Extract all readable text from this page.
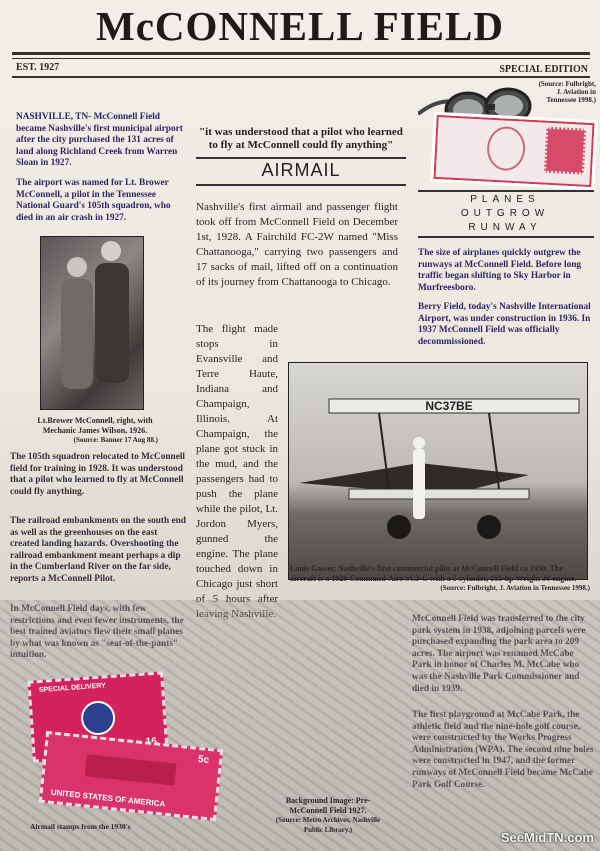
McCONNELL FIELD
EST. 1927	SPECIAL EDITION
(Source: Fulbright, J. Aviation in Tennessee 1998.)
NASHVILLE, TN- McConnell Field became Nashville's first municipal airport after the city purchased the 131 acres of land along Richland Creek from Warren Sloan in 1927.
The airport was named for Lt. Brower McConnell, a pilot in the Tennessee National Guard's 105th squadron, who died in an air crash in 1927.
Lt.Brower McConnell, right, with Mechanic James Wilson, 1926.
(Source: Banner 17 Aug 88.)
The 105th squadron relocated to McConnell field for training in 1928. It was understood that a pilot who learned to fly at McConnell could fly anything.
The railroad embankments on the south end as well as the greenhouses on the east created landing hazards. Overshooting the railroad embankment meant perhaps a dip in the Cumberland River on the far side, reports a McConnell Pilot.
In McConnell Field days, with few restrictions and even fewer instruments, the best trained aviators flew their small planes by what was known as "seat-of-the-pants" intuition.
"it was understood that a pilot who learned to fly at McConnell could fly anything"
AIRMAIL
Nashville's first airmail and passenger flight took off from McConnell Field on December 1st, 1928. A Fairchild FC-2W named "Miss Chattanooga," carrying two passengers and 17 sacks of mail, lifted off on a continuation of its journey from Chattanooga to Chicago.
The flight made stops in Evansville and Terre Haute, Indiana and Champaign, Illinois. At Champaign, the plane got stuck in the mud, and the passengers had to push the plane while the pilot, Lt. Jordon Myers, gunned the engine. The plane touched down in Chicago just short of 5 hours after leaving Nashville.
NC37BE
Louis Gasser, Nashville's first commercial pilot at McConnell Field ca 1930. The aircraft is a 1929 Command-Aire SC3-C with a 5 cylinder, 165-hp Wright J6 engine.
(Source: Fulbright, J. Aviation in Tennessee 1998.)
PLANES
OUTGROW
RUNWAY
The size of airplanes quickly outgrew the runways at McConnell Field. Before long traffic began shifting to Sky Harbor in Murfreesboro.
Berry Field, today's Nashville International Airport, was under construction in 1936. In 1937 McConnell Field was officially decommissioned.
McConnell Field was transferred to the city park system in 1938, adjoining parcels were purchased expanding the park area to 209 acres. The airport was renamed McCabe Park in honor of Charles M. McCabe who was the Nashville Park Commissioner and died in 1939.
The first playground at McCabe Park, the athletic field and the nine-hole golf course, were constructed by the Works Progress Administration (WPA). The second nine holes were constructed in 1947, and the former runways of McConnell Field became McCabe Park Golf Course.
SPECIAL DELIVERY
5c
UNITED STATES OF AMERICA
Airmail stamps from the 1930's
Background Image: Pre-McConnell Field 1927.
(Source: Metro Archives, Nashville Public Library.)
SeeMidTN.com
